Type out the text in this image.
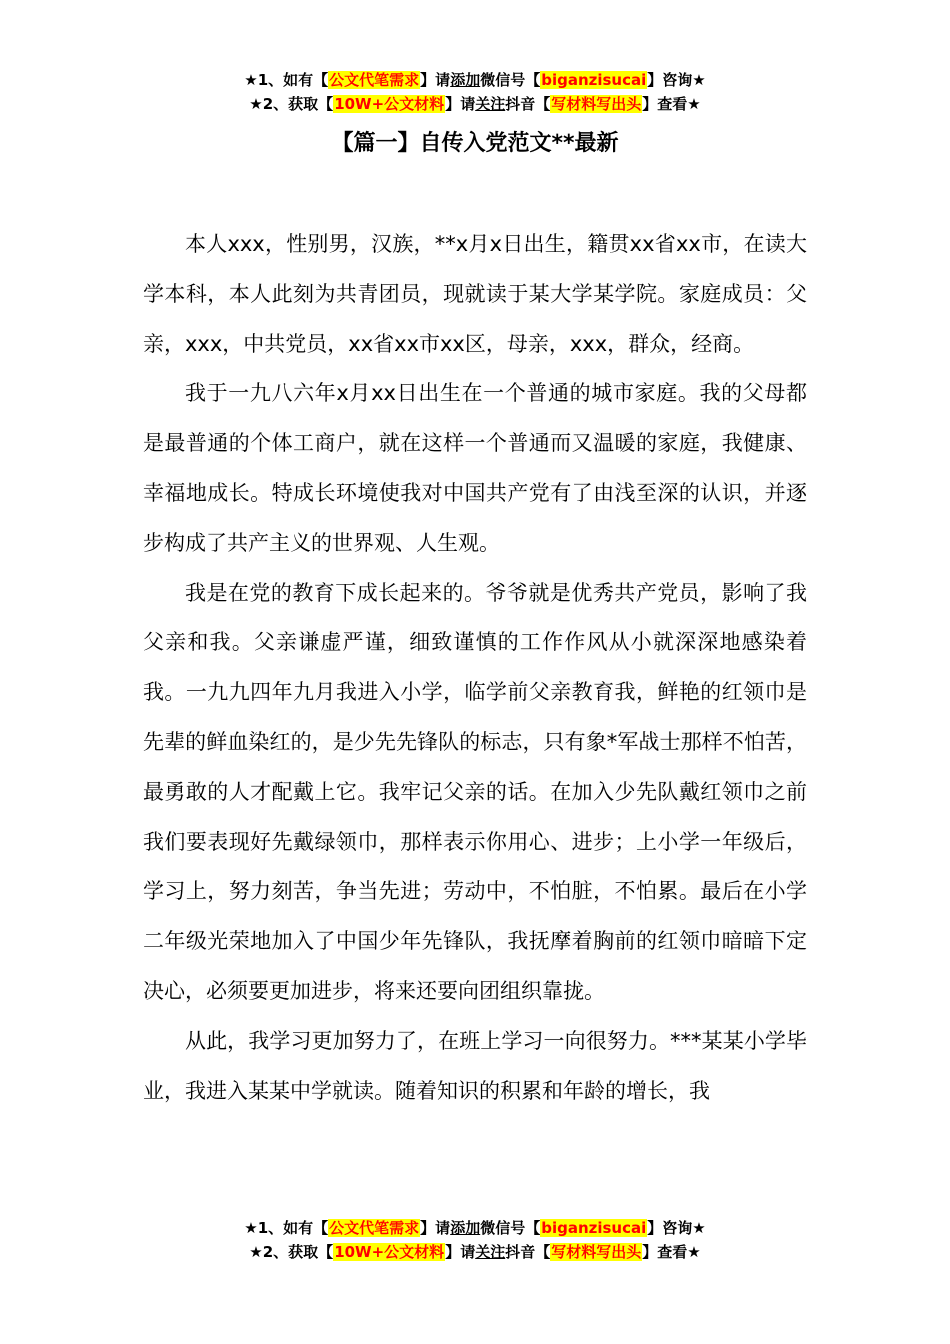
★1、如有【公文代笔需求】请添加微信号【biganzisucai】咨询★
★2、获取【10W+公文材料】请关注抖音【写材料写出头】查看★
【篇一】自传入党范文**最新

本人xxx，性别男，汉族，**x月x日出生，籍贯xx省xx市，在读大学本科，本人此刻为共青团员，现就读于某大学某学院。家庭成员：父亲，xxx，中共党员，xx省xx市xx区，母亲，xxx，群众，经商。

我于一九八六年x月xx日出生在一个普通的城市家庭。我的父母都是最普通的个体工商户，就在这样一个普通而又温暖的家庭，我健康、幸福地成长。特成长环境使我对中国共产党有了由浅至深的认识，并逐步构成了共产主义的世界观、人生观。

我是在党的教育下成长起来的。爷爷就是优秀共产党员，影响了我父亲和我。父亲谦虚严谨，细致谨慎的工作作风从小就深深地感染着我。一九九四年九月我进入小学，临学前父亲教育我，鲜艳的红领巾是先辈的鲜血染红的，是少先先锋队的标志，只有象*军战士那样不怕苦，最勇敢的人才配戴上它。我牢记父亲的话。在加入少先队戴红领巾之前我们要表现好先戴绿领巾，那样表示你用心、进步；上小学一年级后，学习上，努力刻苦，争当先进；劳动中，不怕脏，不怕累。最后在小学二年级光荣地加入了中国少年先锋队，我抚摩着胸前的红领巾暗暗下定决心，必须要更加进步，将来还要向团组织靠拢。

从此，我学习更加努力了，在班上学习一向很努力。***某某小学毕业，我进入某某中学就读。随着知识的积累和年龄的增长，我

★1、如有【公文代笔需求】请添加微信号【biganzisucai】咨询★
★2、获取【10W+公文材料】请关注抖音【写材料写出头】查看★
